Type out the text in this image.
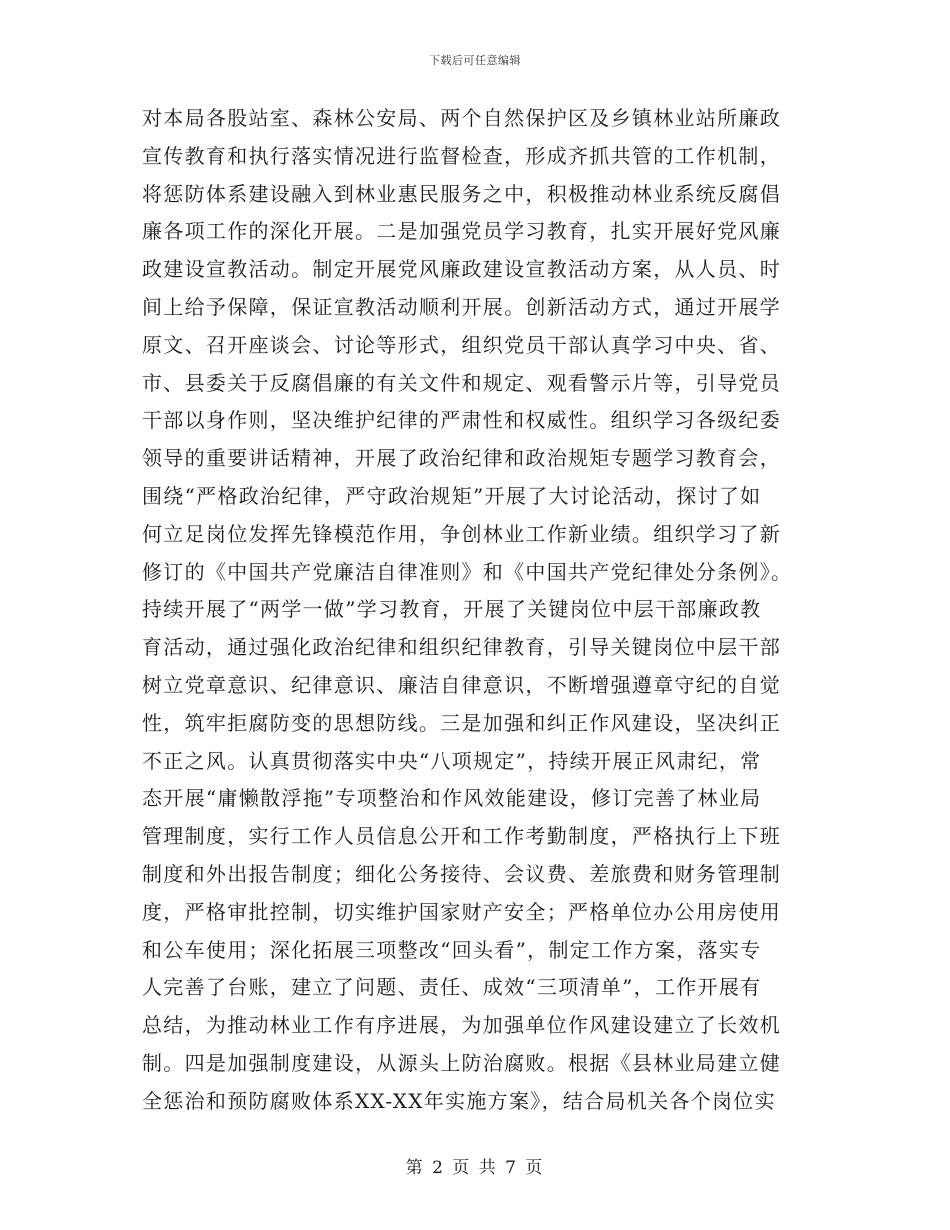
下载后可任意编辑
对本局各股站室、森林公安局、两个自然保护区及乡镇林业站所廉政
宣传教育和执行落实情况进行监督检查，形成齐抓共管的工作机制，
将惩防体系建设融入到林业惠民服务之中，积极推动林业系统反腐倡
廉各项工作的深化开展。二是加强党员学习教育，扎实开展好党风廉
政建设宣教活动。制定开展党风廉政建设宣教活动方案，从人员、时
间上给予保障，保证宣教活动顺利开展。创新活动方式，通过开展学
原文、召开座谈会、讨论等形式，组织党员干部认真学习中央、省、
市、县委关于反腐倡廉的有关文件和规定、观看警示片等，引导党员
干部以身作则，坚决维护纪律的严肃性和权威性。组织学习各级纪委
领导的重要讲话精神，开展了政治纪律和政治规矩专题学习教育会，
围绕“严格政治纪律，严守政治规矩”开展了大讨论活动，探讨了如
何立足岗位发挥先锋模范作用，争创林业工作新业绩。组织学习了新
修订的《中国共产党廉洁自律准则》和《中国共产党纪律处分条例》。
持续开展了“两学一做”学习教育，开展了关键岗位中层干部廉政教
育活动，通过强化政治纪律和组织纪律教育，引导关键岗位中层干部
树立党章意识、纪律意识、廉洁自律意识，不断增强遵章守纪的自觉
性，筑牢拒腐防变的思想防线。三是加强和纠正作风建设，坚决纠正
不正之风。认真贯彻落实中央“八项规定”，持续开展正风肃纪，常
态开展“庸懒散浮拖”专项整治和作风效能建设，修订完善了林业局
管理制度，实行工作人员信息公开和工作考勤制度，严格执行上下班
制度和外出报告制度；细化公务接待、会议费、差旅费和财务管理制
度，严格审批控制，切实维护国家财产安全；严格单位办公用房使用
和公车使用；深化拓展三项整改“回头看”，制定工作方案，落实专
人完善了台账，建立了问题、责任、成效“三项清单”，工作开展有
总结，为推动林业工作有序进展，为加强单位作风建设建立了长效机
制。四是加强制度建设，从源头上防治腐败。根据《县林业局建立健
全惩治和预防腐败体系XX-XX年实施方案》，结合局机关各个岗位实
第 2 页 共 7 页
